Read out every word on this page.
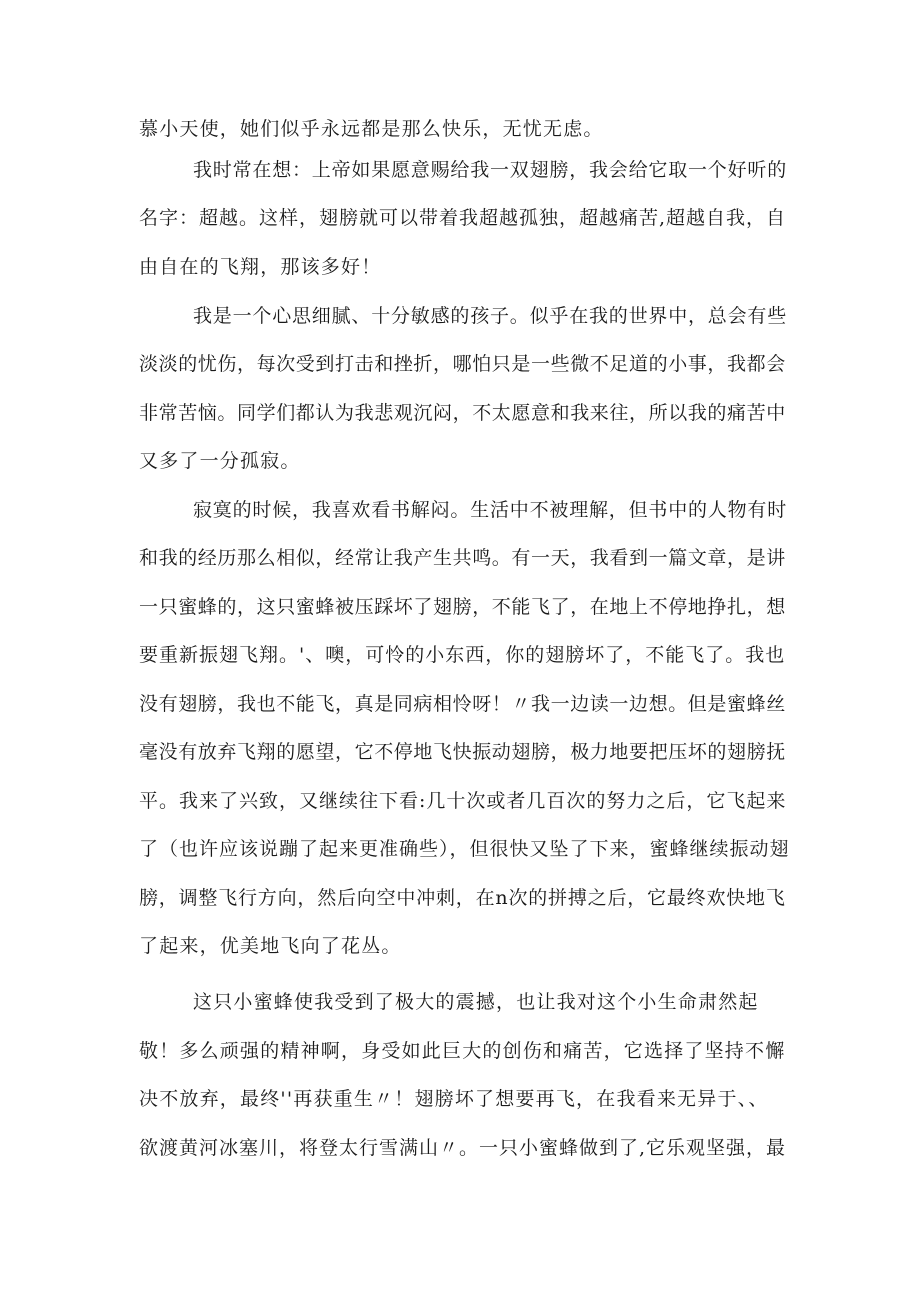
慕小天使，她们似乎永远都是那么快乐，无忧无虑。
我时常在想：上帝如果愿意赐给我一双翅膀，我会给它取一个好听的
名字：超越。这样，翅膀就可以带着我超越孤独，超越痛苦,超越自我，自
由自在的飞翔，那该多好！
我是一个心思细腻、十分敏感的孩子。似乎在我的世界中，总会有些
淡淡的忧伤，每次受到打击和挫折，哪怕只是一些微不足道的小事，我都会
非常苦恼。同学们都认为我悲观沉闷，不太愿意和我来往，所以我的痛苦中
又多了一分孤寂。
寂寞的时候，我喜欢看书解闷。生活中不被理解，但书中的人物有时
和我的经历那么相似，经常让我产生共鸣。有一天，我看到一篇文章，是讲
一只蜜蜂的，这只蜜蜂被压踩坏了翅膀，不能飞了，在地上不停地挣扎，想
要重新振翅飞翔。'、噢，可怜的小东西，你的翅膀坏了，不能飞了。我也
没有翅膀，我也不能飞，真是同病相怜呀！〃我一边读一边想。但是蜜蜂丝
毫没有放弃飞翔的愿望，它不停地飞快振动翅膀，极力地要把压坏的翅膀抚
平。我来了兴致，又继续往下看:几十次或者几百次的努力之后，它飞起来
了（也许应该说蹦了起来更准确些），但很快又坠了下来，蜜蜂继续振动翅
膀，调整飞行方向，然后向空中冲刺，在n次的拼搏之后，它最终欢快地飞
了起来，优美地飞向了花丛。
这只小蜜蜂使我受到了极大的震撼，也让我对这个小生命肃然起
敬！多么顽强的精神啊，身受如此巨大的创伤和痛苦，它选择了坚持不懈
决不放弃，最终''再获重生〃！翅膀坏了想要再飞，在我看来无异于、、
欲渡黄河冰塞川，将登太行雪满山〃。一只小蜜蜂做到了,它乐观坚强，最
